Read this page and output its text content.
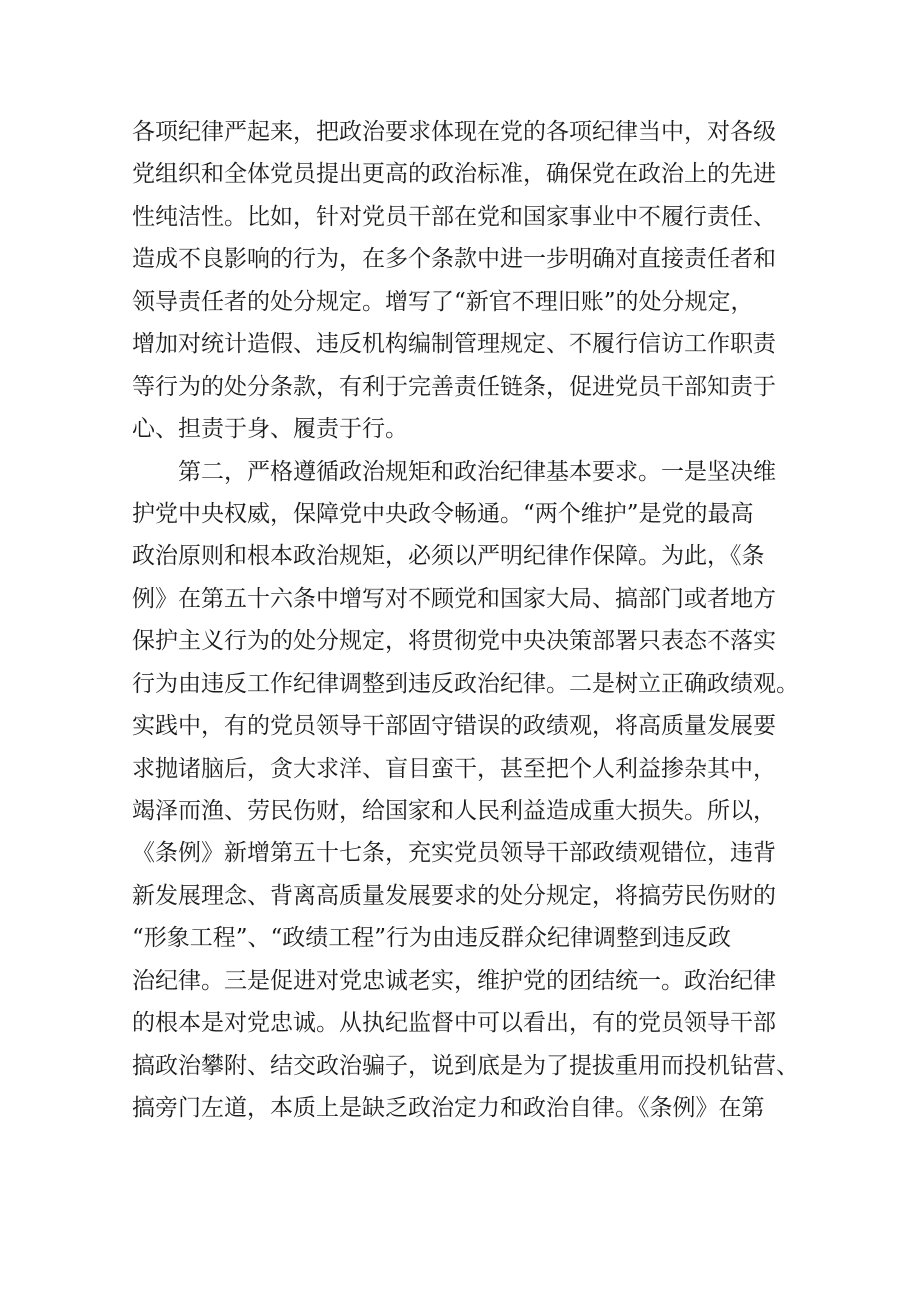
各项纪律严起来，把政治要求体现在党的各项纪律当中，对各级
党组织和全体党员提出更高的政治标准，确保党在政治上的先进
性纯洁性。比如，针对党员干部在党和国家事业中不履行责任、
造成不良影响的行为，在多个条款中进一步明确对直接责任者和
领导责任者的处分规定。增写了“新官不理旧账”的处分规定，
增加对统计造假、违反机构编制管理规定、不履行信访工作职责
等行为的处分条款，有利于完善责任链条，促进党员干部知责于
心、担责于身、履责于行。
第二，严格遵循政治规矩和政治纪律基本要求。一是坚决维
护党中央权威，保障党中央政令畅通。“两个维护”是党的最高
政治原则和根本政治规矩，必须以严明纪律作保障。为此，《条
例》在第五十六条中增写对不顾党和国家大局、搞部门或者地方
保护主义行为的处分规定，将贯彻党中央决策部署只表态不落实
行为由违反工作纪律调整到违反政治纪律。二是树立正确政绩观。
实践中，有的党员领导干部固守错误的政绩观，将高质量发展要
求抛诸脑后，贪大求洋、盲目蛮干，甚至把个人利益掺杂其中，
竭泽而渔、劳民伤财，给国家和人民利益造成重大损失。所以，
《条例》新增第五十七条，充实党员领导干部政绩观错位，违背
新发展理念、背离高质量发展要求的处分规定，将搞劳民伤财的
“形象工程”、“政绩工程”行为由违反群众纪律调整到违反政
治纪律。三是促进对党忠诚老实，维护党的团结统一。政治纪律
的根本是对党忠诚。从执纪监督中可以看出，有的党员领导干部
搞政治攀附、结交政治骗子，说到底是为了提拔重用而投机钻营、
搞旁门左道，本质上是缺乏政治定力和政治自律。《条例》在第
